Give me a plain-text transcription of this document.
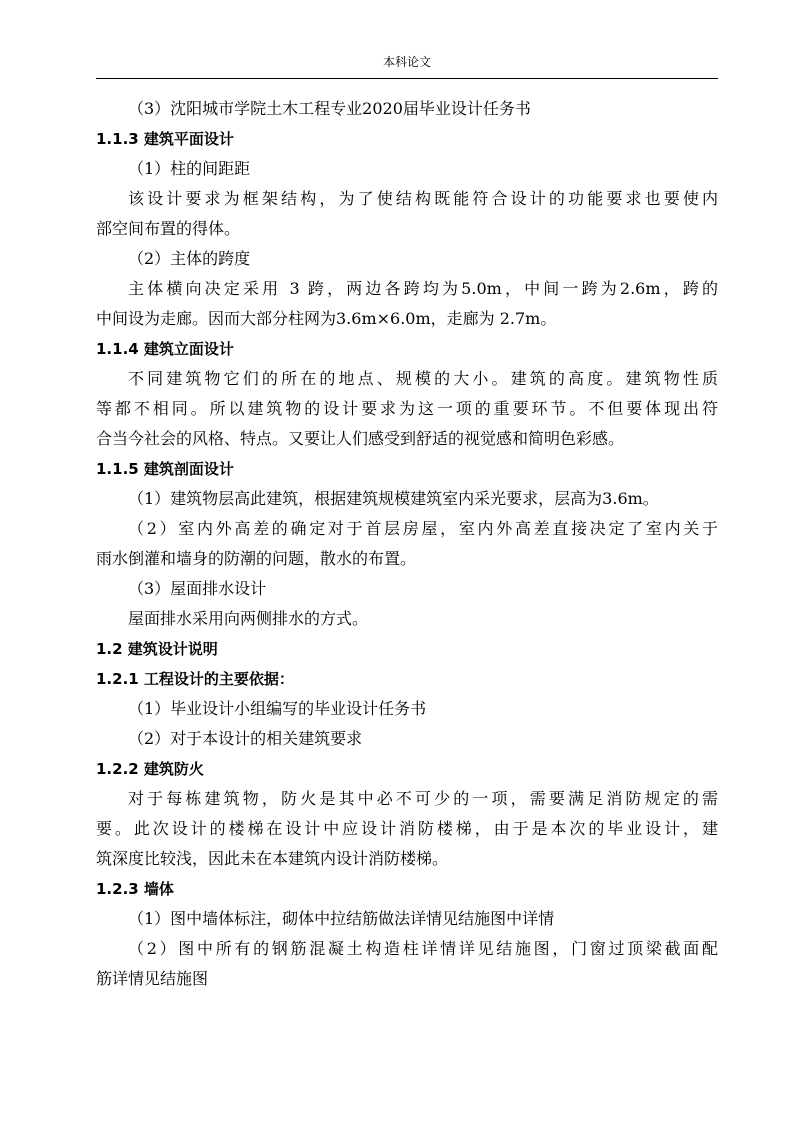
本科论文
（3）沈阳城市学院土木工程专业2020届毕业设计任务书
1.1.3 建筑平面设计
（1）柱的间距距
该设计要求为框架结构，为了使结构既能符合设计的功能要求也要使内
部空间布置的得体。
（2）主体的跨度
主体横向决定采用 3 跨，两边各跨均为5.0m，中间一跨为2.6m，跨的
中间设为走廊。因而大部分柱网为3.6m×6.0m，走廊为 2.7m。
1.1.4 建筑立面设计
不同建筑物它们的所在的地点、规模的大小。建筑的高度。建筑物性质
等都不相同。所以建筑物的设计要求为这一项的重要环节。不但要体现出符
合当今社会的风格、特点。又要让人们感受到舒适的视觉感和简明色彩感。
1.1.5 建筑剖面设计
（1）建筑物层高此建筑，根据建筑规模建筑室内采光要求，层高为3.6m。
（2）室内外高差的确定对于首层房屋，室内外高差直接决定了室内关于
雨水倒灌和墙身的防潮的问题，散水的布置。
（3）屋面排水设计
屋面排水采用向两侧排水的方式。
1.2 建筑设计说明
1.2.1 工程设计的主要依据：
（1）毕业设计小组编写的毕业设计任务书
（2）对于本设计的相关建筑要求
1.2.2 建筑防火
对于每栋建筑物，防火是其中必不可少的一项，需要满足消防规定的需
要。此次设计的楼梯在设计中应设计消防楼梯，由于是本次的毕业设计，建
筑深度比较浅，因此未在本建筑内设计消防楼梯。
1.2.3 墙体
（1）图中墙体标注，砌体中拉结筋做法详情见结施图中详情
（2）图中所有的钢筋混凝土构造柱详情详见结施图，门窗过顶梁截面配
筋详情见结施图
